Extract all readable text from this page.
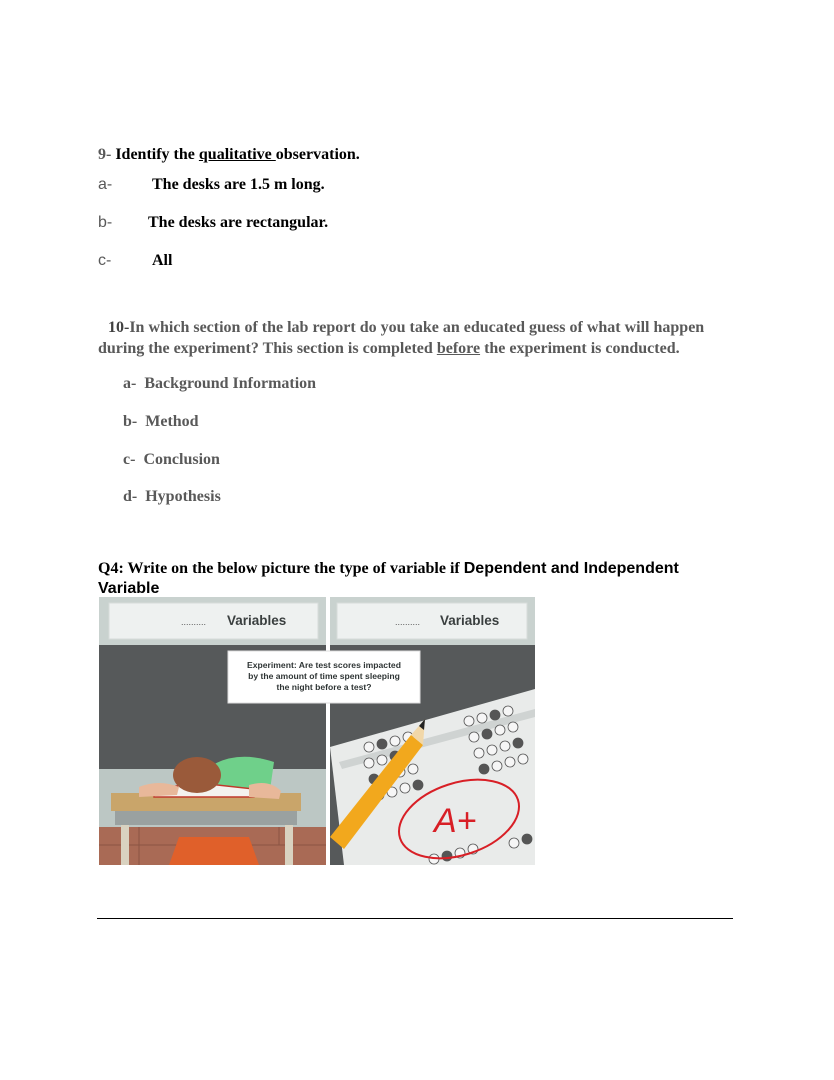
9- Identify the qualitative observation.
a- The desks are 1.5 m long.
b- The desks are rectangular.
c-	All
10-In which section of the lab report do you take an educated guess of what will happen during the experiment? This section is completed before the experiment is conducted.
a- Background Information
b- Method
c- Conclusion
d- Hypothesis
Q4: Write on the below picture the type of variable if Dependent and Independent Variable
.......... Variables	.......... Variables
A+
Experiment: Are test scores impacted
by the amount of time spent sleeping
the night before a test?
